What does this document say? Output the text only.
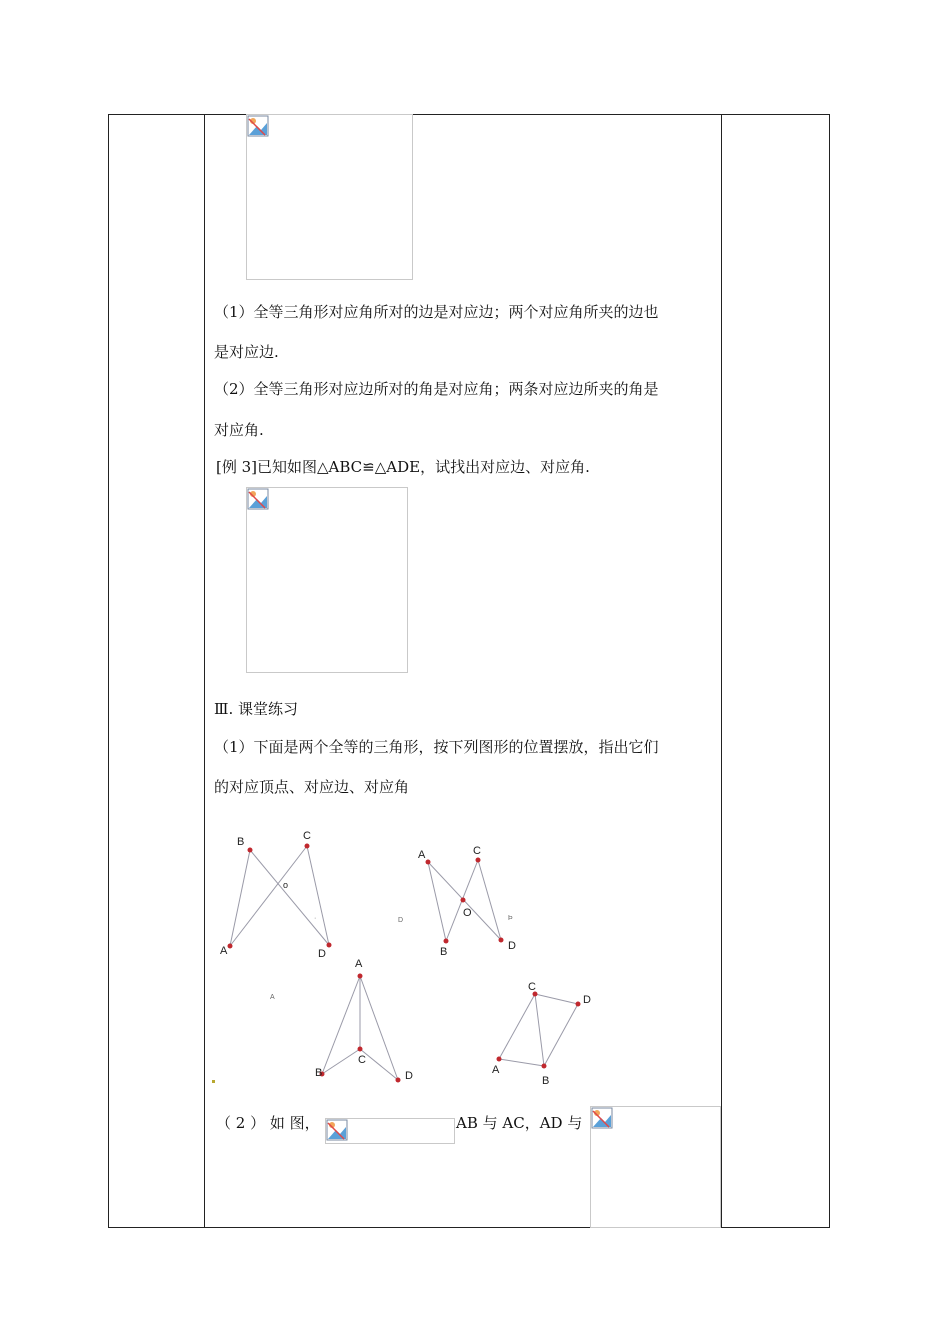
（1）全等三角形对应角所对的边是对应边；两个对应角所夹的边也
是对应边.
（2）全等三角形对应边所对的角是对应角；两条对应边所夹的角是
对应角.
[例 3]已知如图△ABC≌△ADE，试找出对应边、对应角.
Ⅲ. 课堂练习
（1）下面是两个全等的三角形，按下列图形的位置摆放，指出它们
的对应顶点、对应边、对应角
B	C
o
A	D
A	C
O
B	D
A
B
C
D
C
D
A
B
·	D	Þ
A
（ 2 ） 如 图，	AB 与 AC，AD 与
